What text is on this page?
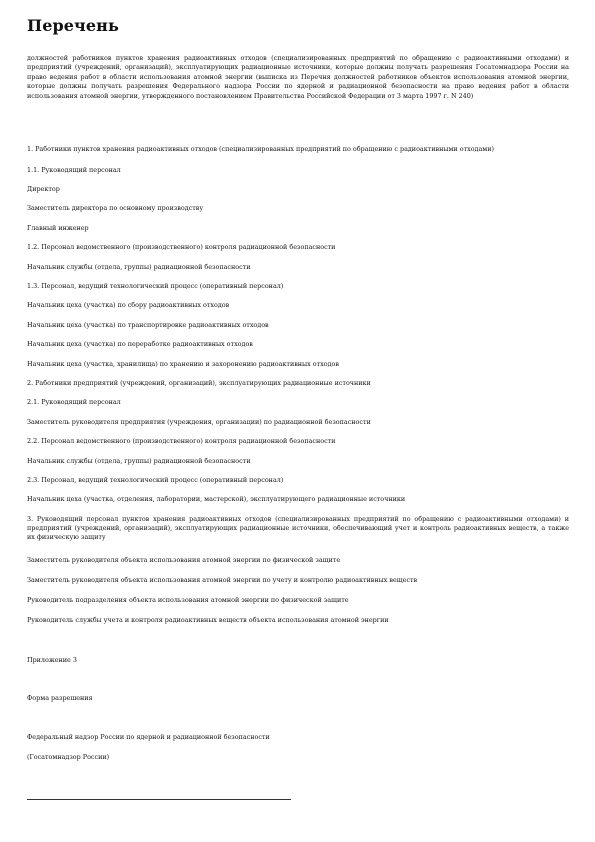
Перечень
должностей работников пунктов хранения радиоактивных отходов (специализированных предприятий по обращению с радиоактивными отходами) и предприятий (учреждений, организаций), эксплуатирующих радиационные источники, которые должны получать разрешения Госатомнадзора России на право ведения работ в области использования атомной энергии (выписка из Перечня должностей работников объектов использования атомной энергии, которые должны получать разрешения Федерального надзора России по ядерной и радиационной безопасности на право ведения работ в области использования атомной энергии, утвержденного постановлением Правительства Российской Федерации от 3 марта 1997 г. N 240)
1. Работники пунктов хранения радиоактивных отходов (специализированных предприятий по обращению с радиоактивными отходами)
1.1. Руководящий персонал
Директор
Заместитель директора по основному производству
Главный инженер
1.2. Персонал ведомственного (производственного) контроля радиационной безопасности
Начальник службы (отдела, группы) радиационной безопасности
1.3. Персонал, ведущий технологический процесс (оперативный персонал)
Начальник цеха (участка) по сбору радиоактивных отходов
Начальник цеха (участка) по транспортировке радиоактивных отходов
Начальник цеха (участка) по переработке радиоактивных отходов
Начальник цеха (участка, хранилища) по хранению и захоронению радиоактивных отходов
2. Работники предприятий (учреждений, организаций), эксплуатирующих радиационные источники
2.1. Руководящий персонал
Заместитель руководителя предприятия (учреждения, организации) по радиационной безопасности
2.2. Персонал ведомственного (производственного) контроля радиационной безопасности
Начальник службы (отдела, группы) радиационной безопасности
2.3. Персонал, ведущий технологический процесс (оперативный персонал)
Начальник цеха (участка, отделения, лаборатории, мастерской), эксплуатирующего радиационные источники
3. Руководящий персонал пунктов хранения радиоактивных отходов (специализированных предприятий по обращению с радиоактивными отходами) и предприятий (учреждений, организаций), эксплуатирующих радиационные источники, обеспечивающий учет и контроль радиоактивных веществ, а также их физическую защиту
Заместитель руководителя объекта использования атомной энергии по физической защите
Заместитель руководителя объекта использования атомной энергии по учету и контролю радиоактивных веществ
Руководитель подразделения объекта использования атомной энергии по физической защите
Руководитель службы учета и контроля радиоактивных веществ объекта использования атомной энергии
Приложение 3
Форма разрешения
Федеральный надзор России по ядерной и радиационной безопасности
(Госатомнадзор России)
